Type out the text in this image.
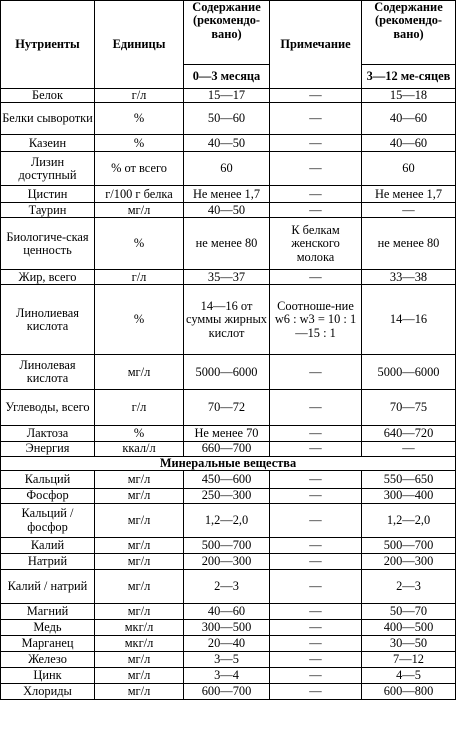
Нутриенты	Единицы	Содержание (рекомендо-вано)	Примечание	Содержание (рекомендо-вано)
		0—3 месяца		3—12 ме-сяцев
Белок	г/л	15—17	—	15—18
Белки сыворотки	%	50—60	—	40—60
Казеин	%	40—50	—	40—60
Лизин доступный	% от всего	60	—	60
Цистин	г/100 г белка	Не менее 1,7	—	Не менее 1,7
Таурин	мг/л	40—50	—	—
Биологиче-ская ценность	%	не менее 80	К белкам женского молока	не менее 80
Жир, всего	г/л	35—37	—	33—38
Линолиевая кислота	%	14—16 от суммы жирных кислот	Соотноше-ние w6 : w3 = 10 : 1—15 : 1	14—16
Линолевая кислота	мг/л	5000—6000	—	5000—6000
Углеводы, всего	г/л	70—72	—	70—75
Лактоза	%	Не менее 70	—	640—720
Энергия	ккал/л	660—700	—	—
Минеральные вещества				
Кальций	мг/л	450—600	—	550—650
Фосфор	мг/л	250—300	—	300—400
Кальций / фосфор	мг/л	1,2—2,0	—	1,2—2,0
Калий	мг/л	500—700	—	500—700
Натрий	мг/л	200—300	—	200—300
Калий / натрий	мг/л	2—3	—	2—3
Магний	мг/л	40—60	—	50—70
Медь	мкг/л	300—500	—	400—500
Марганец	мкг/л	20—40	—	30—50
Железо	мг/л	3—5	—	7—12
Цинк	мг/л	3—4	—	4—5
Хлориды	мг/л	600—700	—	600—800
